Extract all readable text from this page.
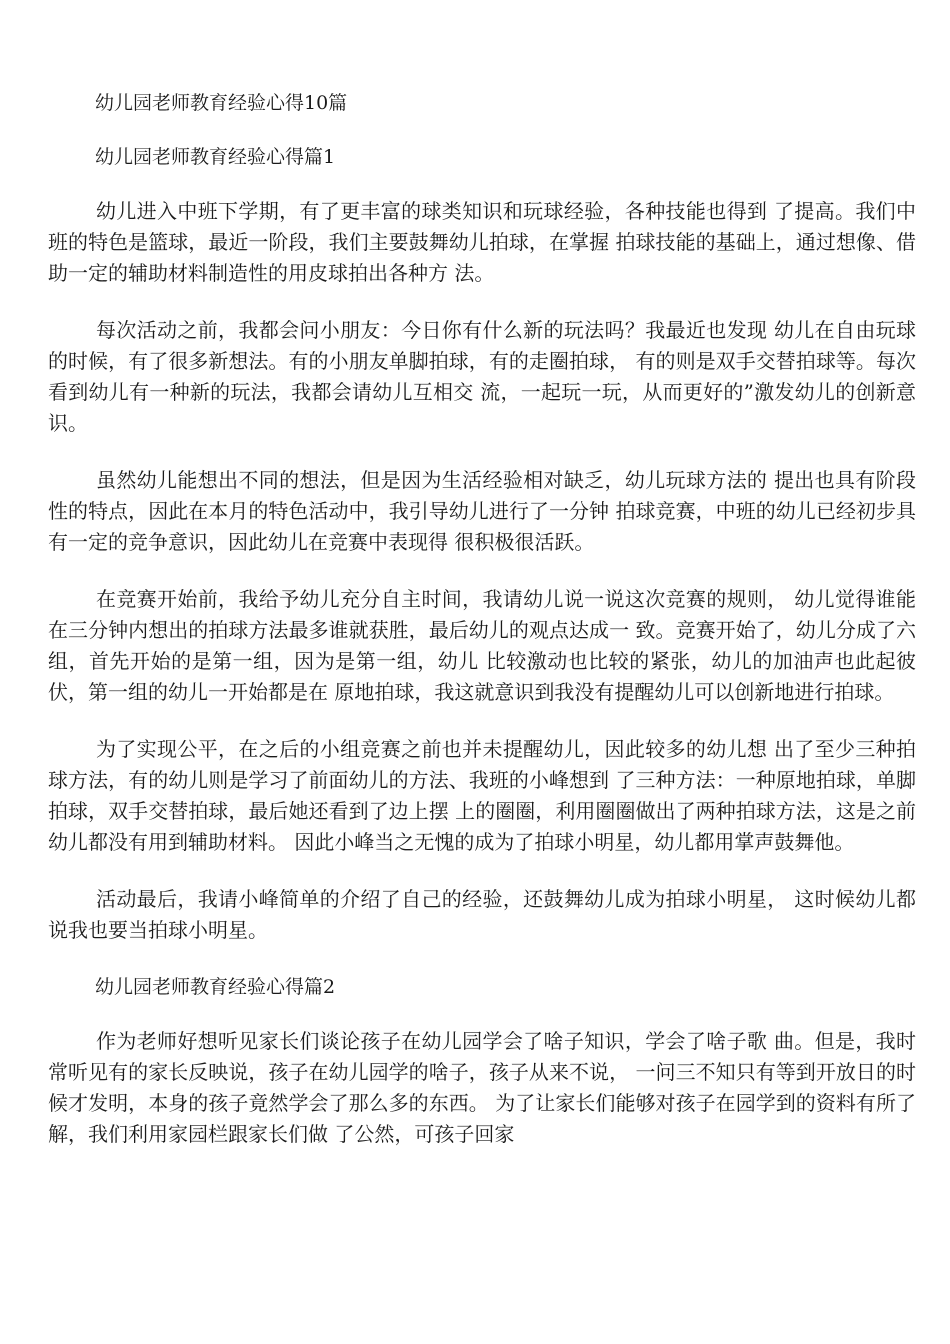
幼儿园老师教育经验心得10篇
幼儿园老师教育经验心得篇1

幼儿进入中班下学期，有了更丰富的球类知识和玩球经验，各种技能也得到 了提高。我们中班的特色是篮球，最近一阶段，我们主要鼓舞幼儿拍球，在掌握 拍球技能的基础上，通过想像、借助一定的辅助材料制造性的用皮球拍出各种方 法。

每次活动之前，我都会问小朋友：今日你有什么新的玩法吗？我最近也发现 幼儿在自由玩球的时候，有了很多新想法。有的小朋友单脚拍球，有的走圈拍球， 有的则是双手交替拍球等。每次看到幼儿有一种新的玩法，我都会请幼儿互相交 流，一起玩一玩，从而更好的”激发幼儿的创新意识。

虽然幼儿能想出不同的想法，但是因为生活经验相对缺乏，幼儿玩球方法的 提出也具有阶段性的特点，因此在本月的特色活动中，我引导幼儿进行了一分钟 拍球竞赛，中班的幼儿已经初步具有一定的竞争意识，因此幼儿在竞赛中表现得 很积极很活跃。

在竞赛开始前，我给予幼儿充分自主时间，我请幼儿说一说这次竞赛的规则， 幼儿觉得谁能在三分钟内想出的拍球方法最多谁就获胜，最后幼儿的观点达成一 致。竞赛开始了，幼儿分成了六组，首先开始的是第一组，因为是第一组，幼儿 比较激动也比较的紧张，幼儿的加油声也此起彼伏，第一组的幼儿一开始都是在 原地拍球，我这就意识到我没有提醒幼儿可以创新地进行拍球。

为了实现公平，在之后的小组竞赛之前也并未提醒幼儿，因此较多的幼儿想 出了至少三种拍球方法，有的幼儿则是学习了前面幼儿的方法、我班的小峰想到 了三种方法：一种原地拍球，单脚拍球，双手交替拍球，最后她还看到了边上摆 上的圈圈，利用圈圈做出了两种拍球方法，这是之前幼儿都没有用到辅助材料。 因此小峰当之无愧的成为了拍球小明星，幼儿都用掌声鼓舞他。

活动最后，我请小峰简单的介绍了自己的经验，还鼓舞幼儿成为拍球小明星， 这时候幼儿都说我也要当拍球小明星。

幼儿园老师教育经验心得篇2

作为老师好想听见家长们谈论孩子在幼儿园学会了啥子知识，学会了啥子歌 曲。但是，我时常听见有的家长反映说，孩子在幼儿园学的啥子，孩子从来不说， 一问三不知只有等到开放日的时候才发明，本身的孩子竟然学会了那么多的东西。 为了让家长们能够对孩子在园学到的资料有所了解，我们利用家园栏跟家长们做 了公然，可孩子回家
